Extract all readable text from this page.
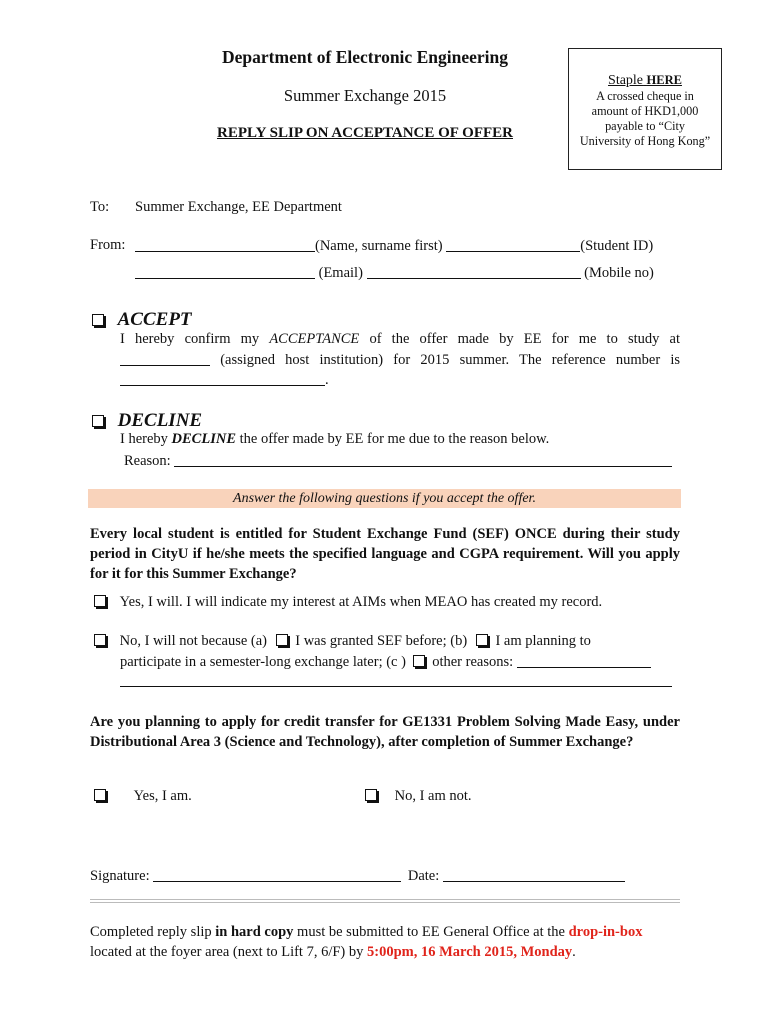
Department of Electronic Engineering
Summer Exchange 2015
REPLY SLIP ON ACCEPTANCE OF OFFER
Staple HERE
A crossed cheque in
amount of HKD1,000
payable to “City
University of Hong Kong”
To: Summer Exchange, EE Department
From:	(Name, surname first)	(Student ID)
(Email)	(Mobile no)
ACCEPT
I hereby confirm my ACCEPTANCE of the offer made by EE for me to study at
(assigned host institution) for 2015 summer. The reference number is
.
DECLINE
I hereby DECLINE the offer made by EE for me due to the reason below.
Reason:
Answer the following questions if you accept the offer.
Every local student is entitled for Student Exchange Fund (SEF) ONCE during their study period in CityU if he/she meets the specified language and CGPA requirement. Will you apply for it for this Summer Exchange?
Yes, I will. I will indicate my interest at AIMs when MEAO has created my record.
No, I will not because (a) I was granted SEF before; (b) I am planning to
participate in a semester-long exchange later; (c ) other reasons:
Are you planning to apply for credit transfer for GE1331 Problem Solving Made Easy, under Distributional Area 3 (Science and Technology), after completion of Summer Exchange?
Yes, I am.	No, I am not.
Signature:	Date:
Completed reply slip in hard copy must be submitted to EE General Office at the drop-in-box
located at the foyer area (next to Lift 7, 6/F) by 5:00pm, 16 March 2015, Monday.
